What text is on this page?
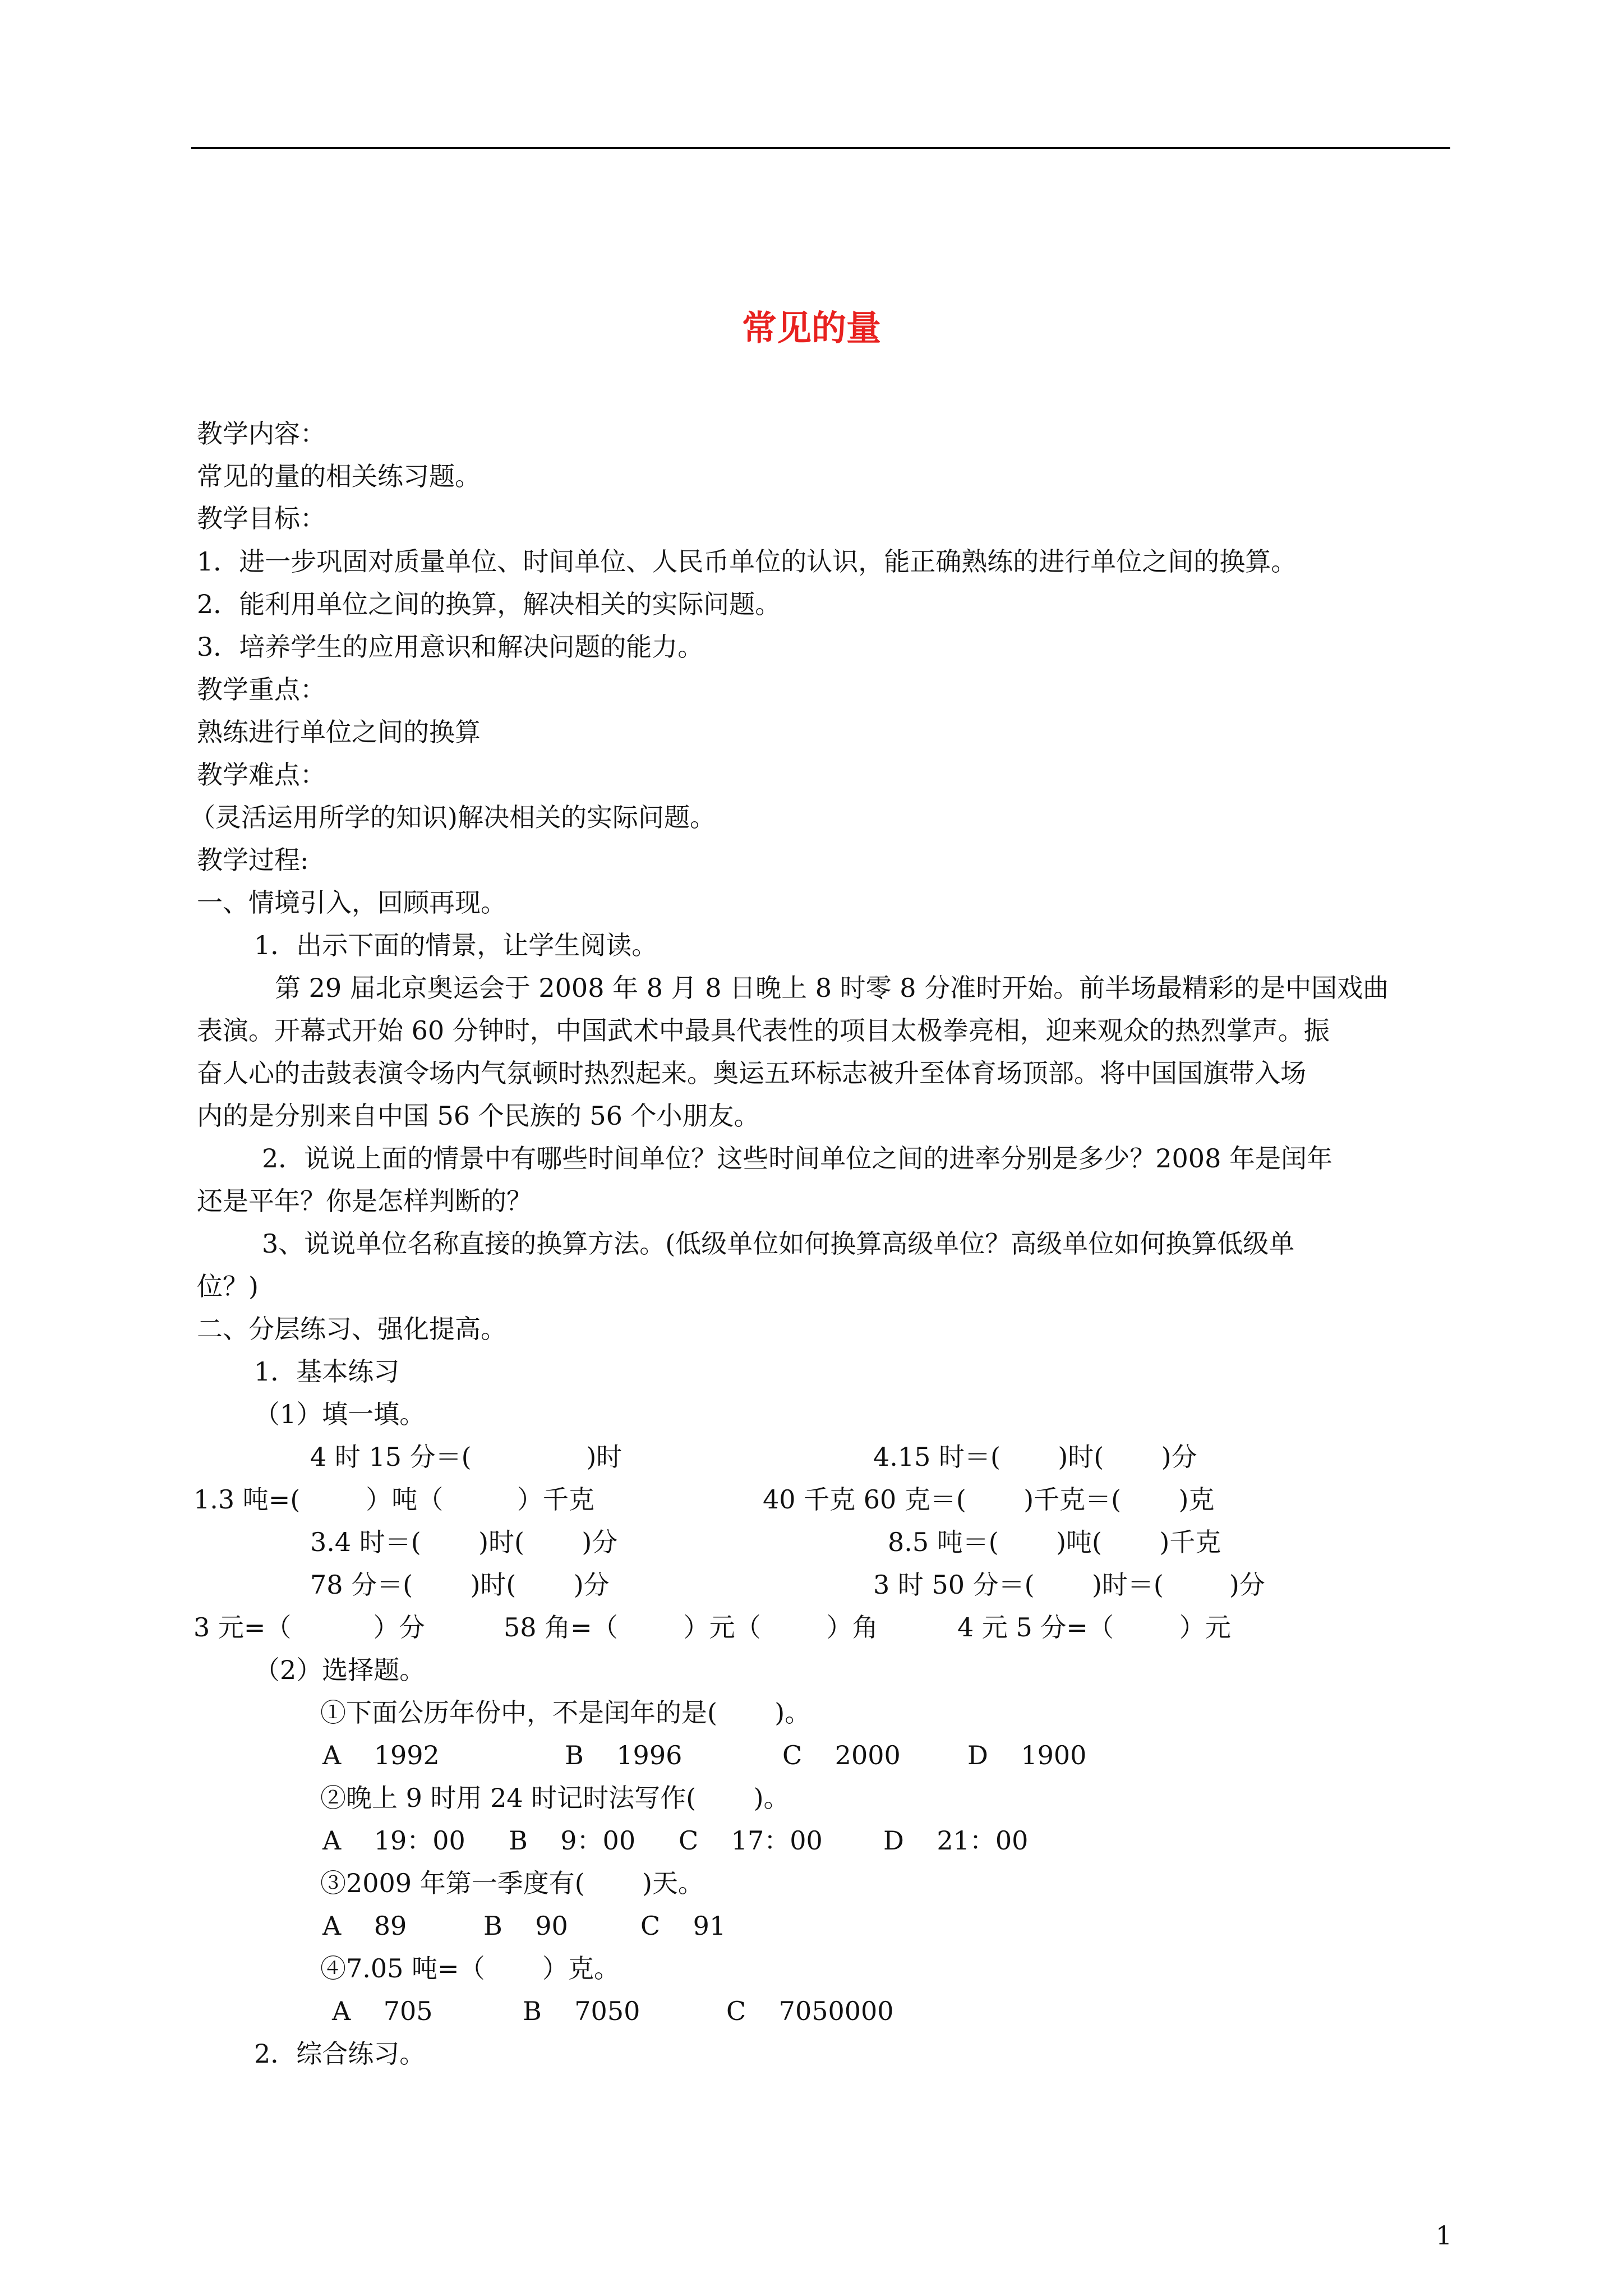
常见的量
教学内容：
常见的量的相关练习题。
教学目标：
1．进一步巩固对质量单位、时间单位、人民币单位的认识，能正确熟练的进行单位之间的换算。
2．能利用单位之间的换算，解决相关的实际问题。
3．培养学生的应用意识和解决问题的能力。
教学重点：
熟练进行单位之间的换算
教学难点：
（灵活运用所学的知识)解决相关的实际问题。
教学过程:
一、情境引入，回顾再现。
1．出示下面的情景，让学生阅读。
第 29 届北京奥运会于 2008 年 8 月 8 日晚上 8 时零 8 分准时开始。前半场最精彩的是中国戏曲
表演。开幕式开始 60 分钟时，中国武术中最具代表性的项目太极拳亮相，迎来观众的热烈掌声。振
奋人心的击鼓表演令场内气氛顿时热烈起来。奥运五环标志被升至体育场顶部。将中国国旗带入场
内的是分别来自中国 56 个民族的 56 个小朋友。
2．说说上面的情景中有哪些时间单位？这些时间单位之间的进率分别是多少？2008 年是闰年
还是平年？你是怎样判断的？
3、说说单位名称直接的换算方法。(低级单位如何换算高级单位？高级单位如何换算低级单
位？)
二、分层练习、强化提高。
1．基本练习
（1）填一填。
4 时 15 分＝(              )时	4.15 时＝(       )时(       )分
1.3 吨=(        ）吨（         ）千克	40 千克 60 克＝(       )千克＝(       )克
3.4 时＝(       )时(       )分	8.5 吨＝(       )吨(       )千克
78 分＝(       )时(       )分	3 时 50 分＝(       )时＝(        )分
3 元=（          ）分	58 角=（        ）元（        ）角	4 元 5 分=（        ）元
（2）选择题。
①下面公历年份中，不是闰年的是(       )。
A    1992	B    1996	C    2000	D    1900
②晚上 9 时用 24 时记时法写作(       )。
A    19：00 B    9：00 C    17：00 D    21：00
③2009 年第一季度有(       )天。
A    89	B    90	C    91
④7.05 吨=（       ）克。
A    705	B    7050	C    7050000
2．综合练习。
1
